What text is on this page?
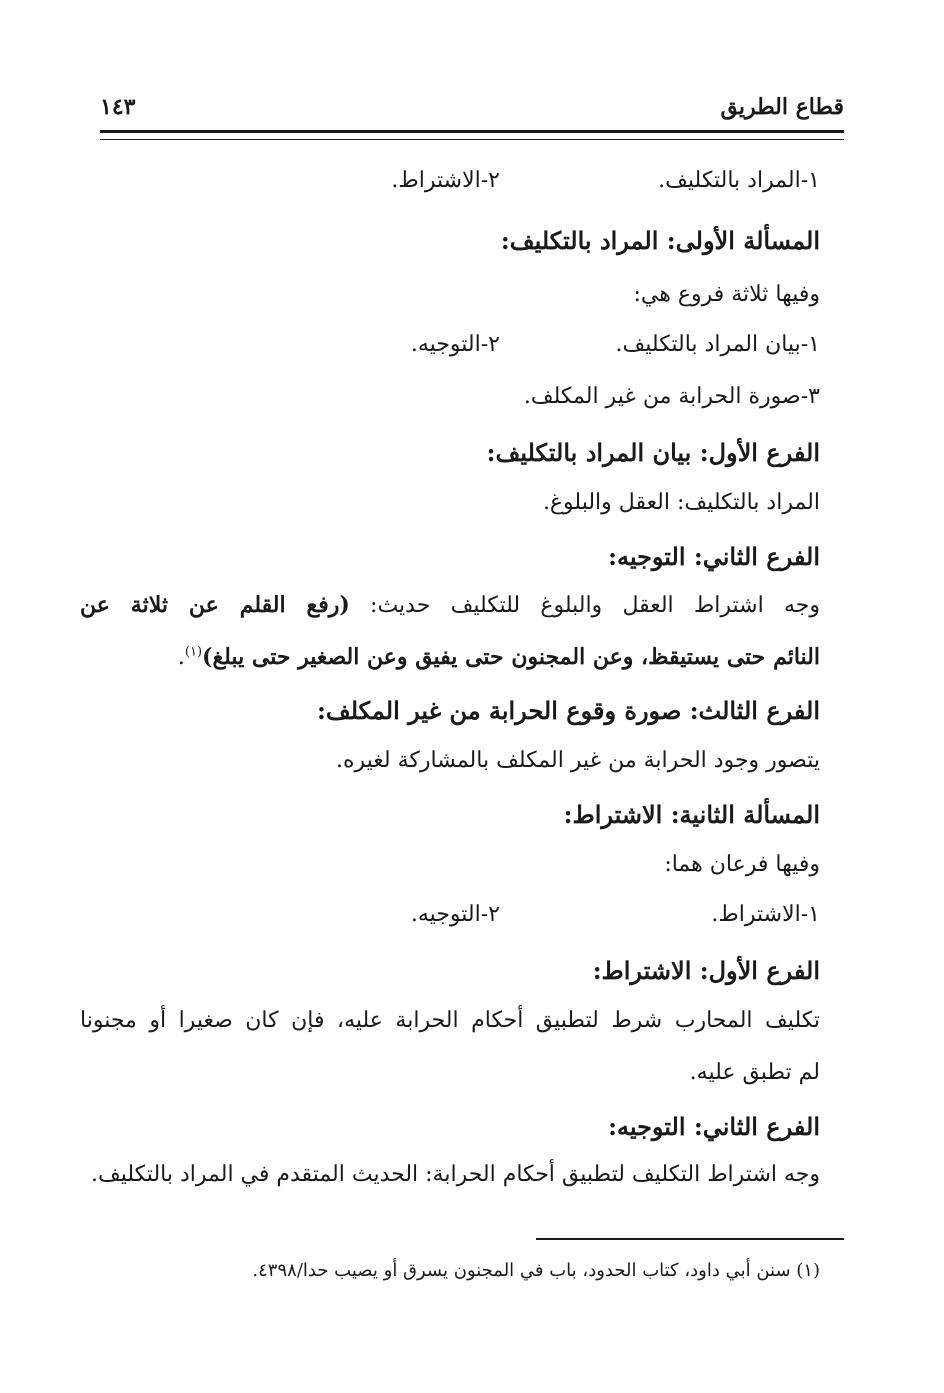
قطاع الطريق
١٤٣
١-المراد بالتكليف.
٢-الاشتراط.
المسألة الأولى: المراد بالتكليف:
وفيها ثلاثة فروع هي:
١-بيان المراد بالتكليف.
٢-التوجيه.
٣-صورة الحرابة من غير المكلف.
الفرع الأول: بيان المراد بالتكليف:
المراد بالتكليف: العقل والبلوغ.
الفرع الثاني: التوجيه:
وجه اشتراط العقل والبلوغ للتكليف حديث: (رفع القلم عن ثلاثة عن
النائم حتى يستيقظ، وعن المجنون حتى يفيق وعن الصغير حتى يبلغ)$^{(١)}$.
الفرع الثالث: صورة وقوع الحرابة من غير المكلف:
يتصور وجود الحرابة من غير المكلف بالمشاركة لغيره.
المسألة الثانية: الاشتراط:
وفيها فرعان هما:
١-الاشتراط.
٢-التوجيه.
الفرع الأول: الاشتراط:
تكليف المحارب شرط لتطبيق أحكام الحرابة عليه، فإن كان صغيرا أو مجنونا
لم تطبق عليه.
الفرع الثاني: التوجيه:
وجه اشتراط التكليف لتطبيق أحكام الحرابة: الحديث المتقدم في المراد بالتكليف.
(١) سنن أبي داود، كتاب الحدود، باب في المجنون يسرق أو يصيب حدا/٤٣٩٨.
